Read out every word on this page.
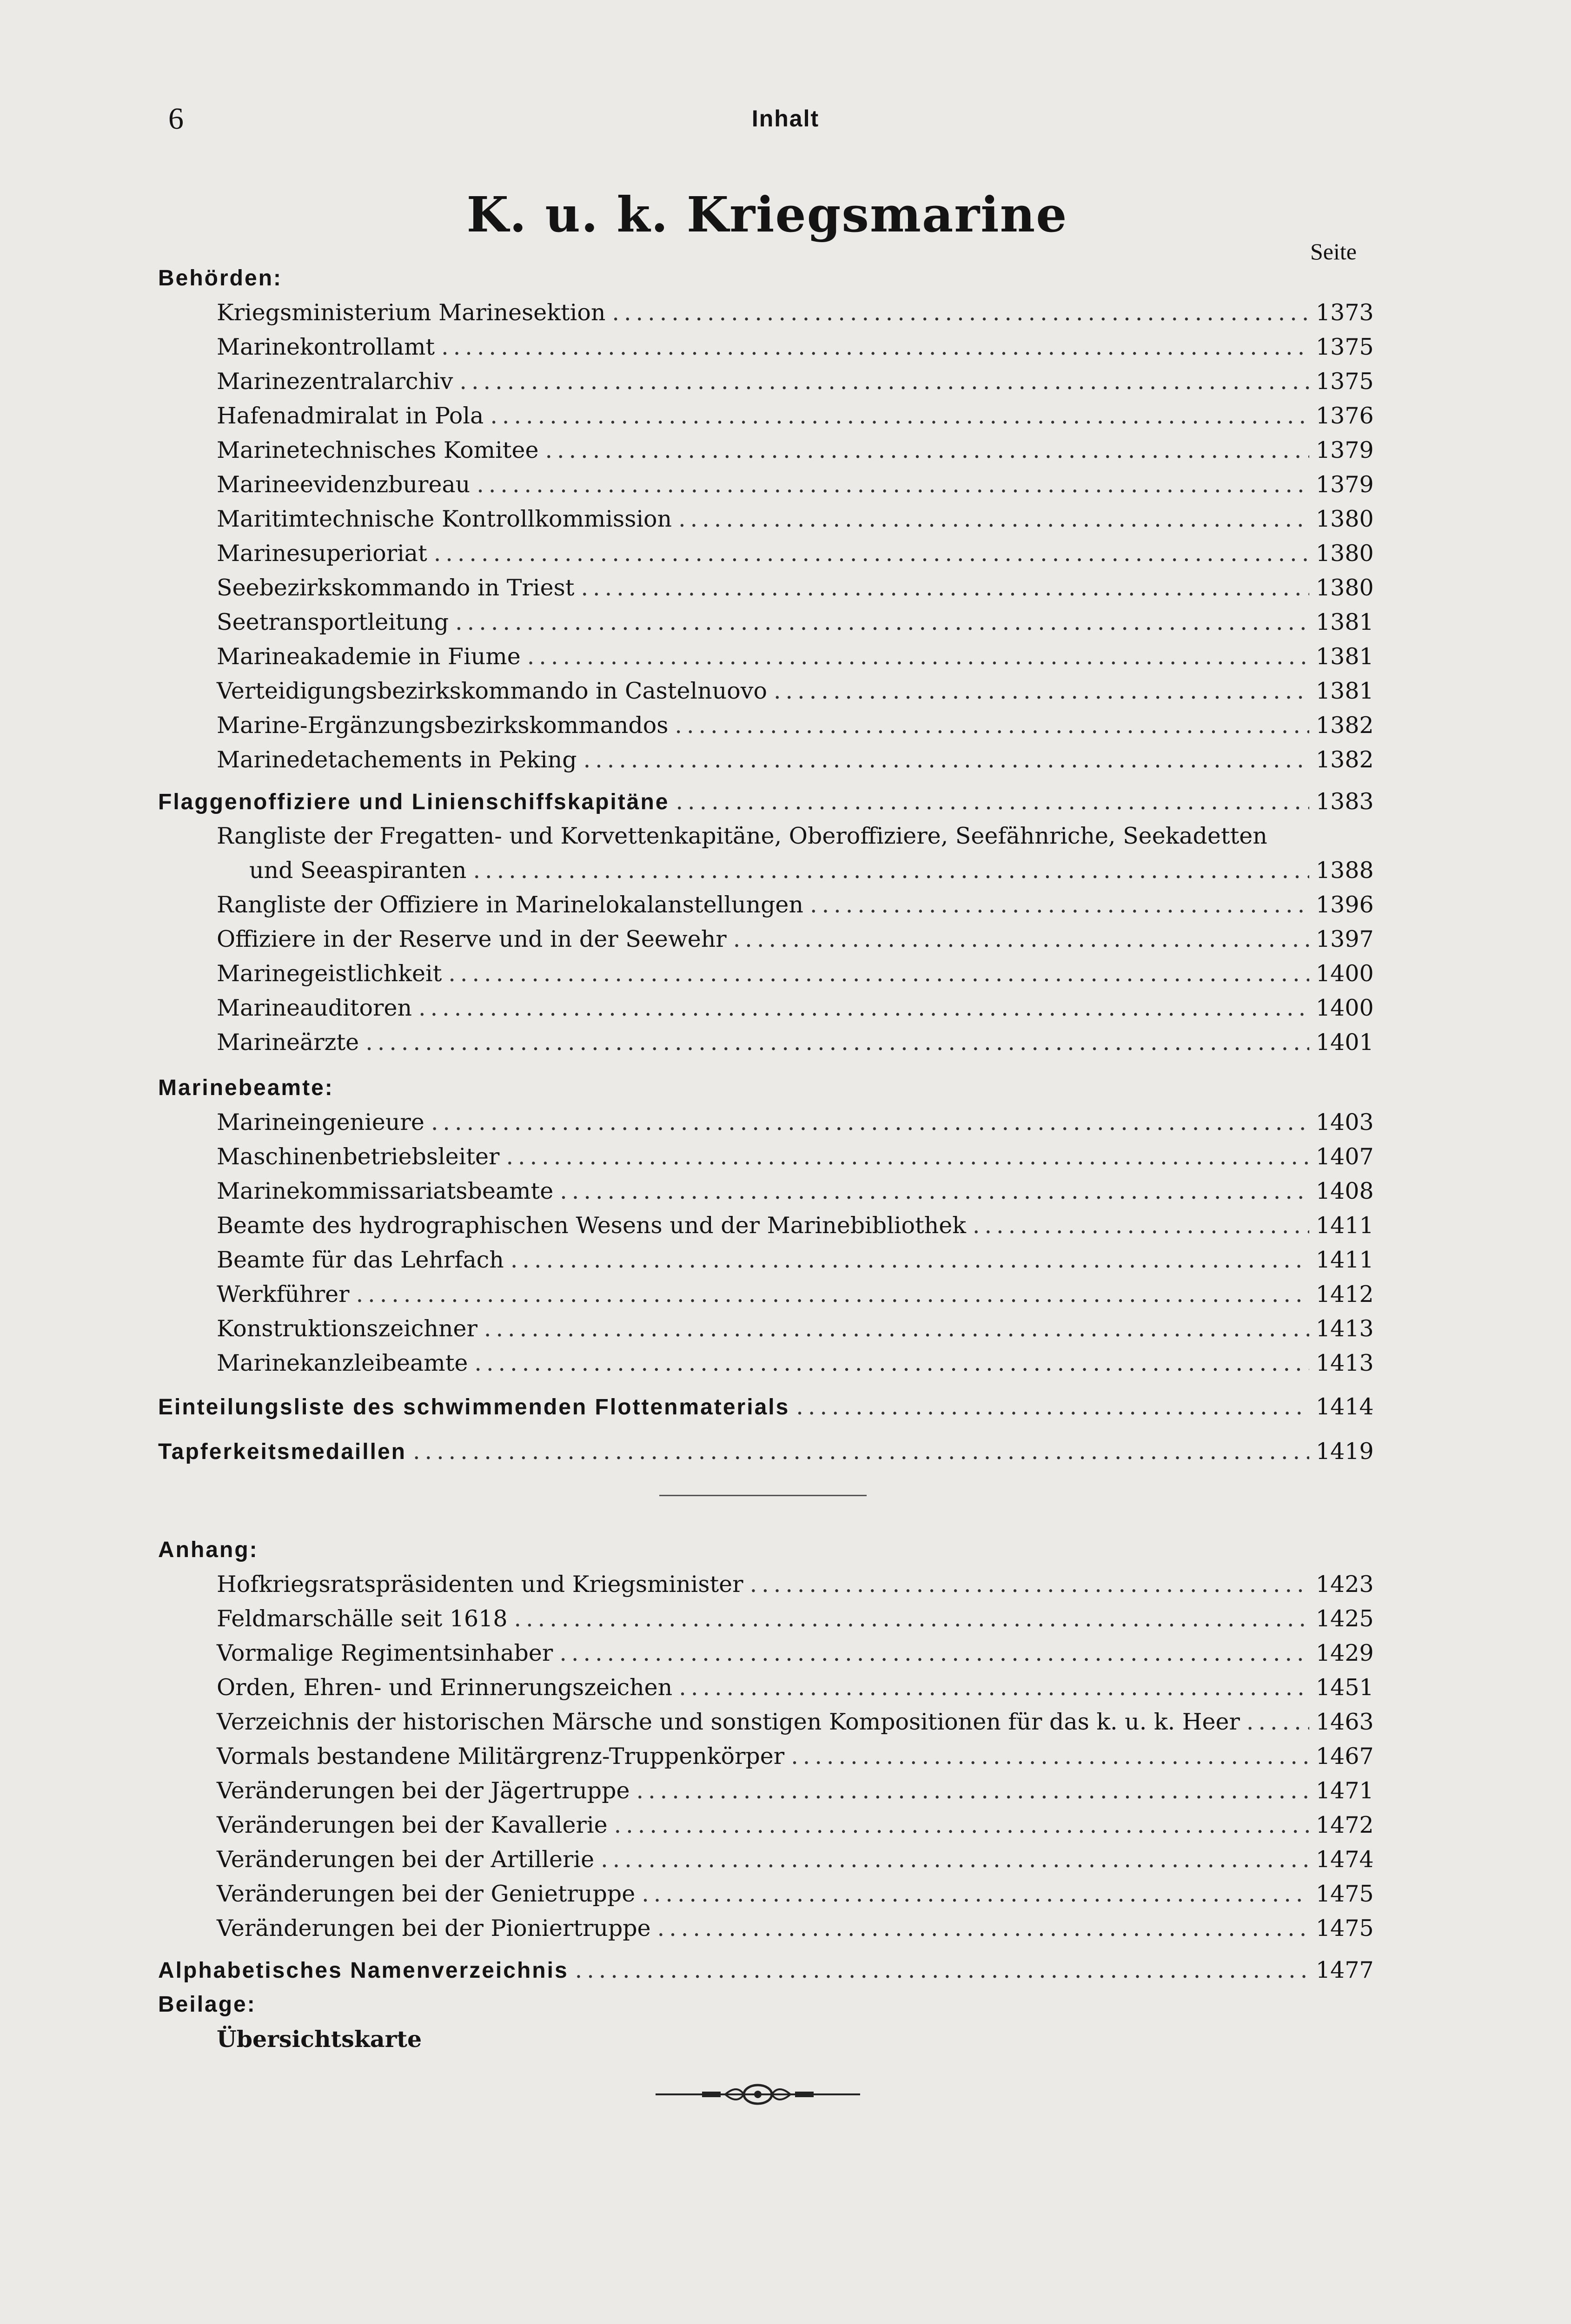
6	Inhalt
K. u. k. Kriegsmarine
Seite
Behörden:
Kriegsministerium Marinesektion .....	1373
Marinekontrollamt .....	1375
Marinezentralarchiv .....	1375
Hafenadmiralat in Pola .....	1376
Marinetechnisches Komitee .....	1379
Marineevidenzbureau .....	1379
Maritimtechnische Kontrollkommission .....	1380
Marinesuperioriat .....	1380
Seebezirkskommando in Triest .....	1380
Seetransportleitung .....	1381
Marineakademie in Fiume .....	1381
Verteidigungsbezirkskommando in Castelnuovo .....	1381
Marine-Ergänzungsbezirkskommandos .....	1382
Marinedetachements in Peking .....	1382
Flaggenoffiziere und Linienschiffskapitäne .....	1383
Rangliste der Fregatten- und Korvettenkapitäne, Oberoffiziere, Seefähnriche, Seekadetten
und Seeaspiranten .....	1388
Rangliste der Offiziere in Marinelokalanstellungen .....	1396
Offiziere in der Reserve und in der Seewehr .....	1397
Marinegeistlichkeit .....	1400
Marineauditoren .....	1400
Marineärzte .....	1401
Marinebeamte:
Marineingenieure .....	1403
Maschinenbetriebsleiter .....	1407
Marinekommissariatsbeamte .....	1408
Beamte des hydrographischen Wesens und der Marinebibliothek .....	1411
Beamte für das Lehrfach .....	1411
Werkführer .....	1412
Konstruktionszeichner .....	1413
Marinekanzleibeamte .....	1413
Einteilungsliste des schwimmenden Flottenmaterials .....	1414
Tapferkeitsmedaillen .....	1419
Anhang:
Hofkriegsratspräsidenten und Kriegsminister .....	1423
Feldmarschälle seit 1618 .....	1425
Vormalige Regimentsinhaber .....	1429
Orden, Ehren- und Erinnerungszeichen .....	1451
Verzeichnis der historischen Märsche und sonstigen Kompositionen für das k. u. k. Heer .....	1463
Vormals bestandene Militärgrenz-Truppenkörper .....	1467
Veränderungen bei der Jägertruppe .....	1471
Veränderungen bei der Kavallerie .....	1472
Veränderungen bei der Artillerie .....	1474
Veränderungen bei der Genietruppe .....	1475
Veränderungen bei der Pioniertruppe .....	1475
Alphabetisches Namenverzeichnis .....	1477
Beilage:
Übersichtskarte
